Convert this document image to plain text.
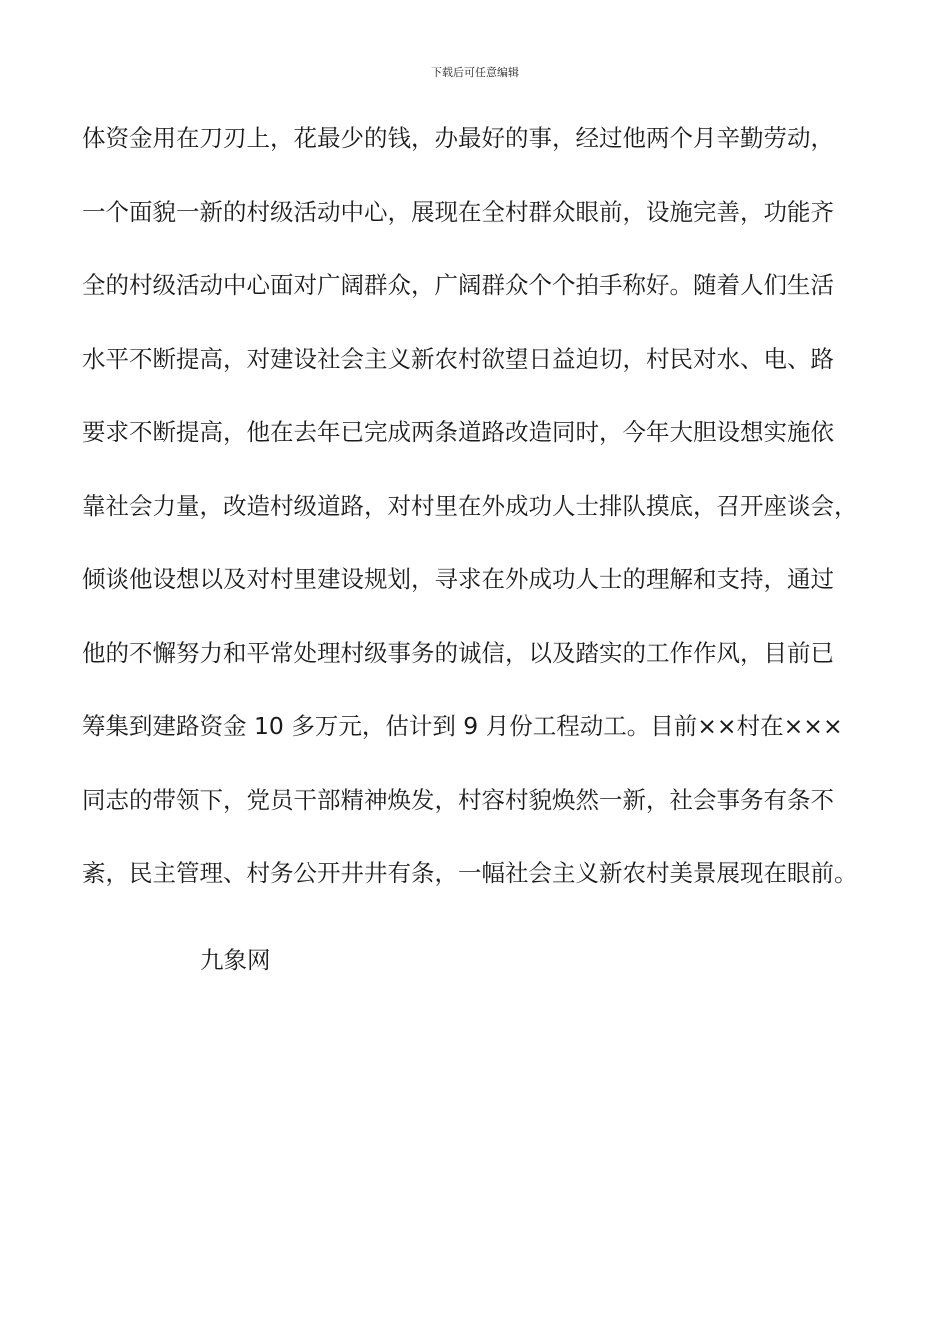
下载后可任意编辑
体资金用在刀刃上，花最少的钱，办最好的事，经过他两个月辛勤劳动，
一个面貌一新的村级活动中心，展现在全村群众眼前，设施完善，功能齐
全的村级活动中心面对广阔群众，广阔群众个个拍手称好。随着人们生活
水平不断提高，对建设社会主义新农村欲望日益迫切，村民对水、电、路
要求不断提高，他在去年已完成两条道路改造同时，今年大胆设想实施依
靠社会力量，改造村级道路，对村里在外成功人士排队摸底，召开座谈会，
倾谈他设想以及对村里建设规划，寻求在外成功人士的理解和支持，通过
他的不懈努力和平常处理村级事务的诚信，以及踏实的工作作风，目前已
筹集到建路资金 10 多万元，估计到 9 月份工程动工。目前××村在×××
同志的带领下，党员干部精神焕发，村容村貌焕然一新，社会事务有条不
紊，民主管理、村务公开井井有条，一幅社会主义新农村美景展现在眼前。
九象网
